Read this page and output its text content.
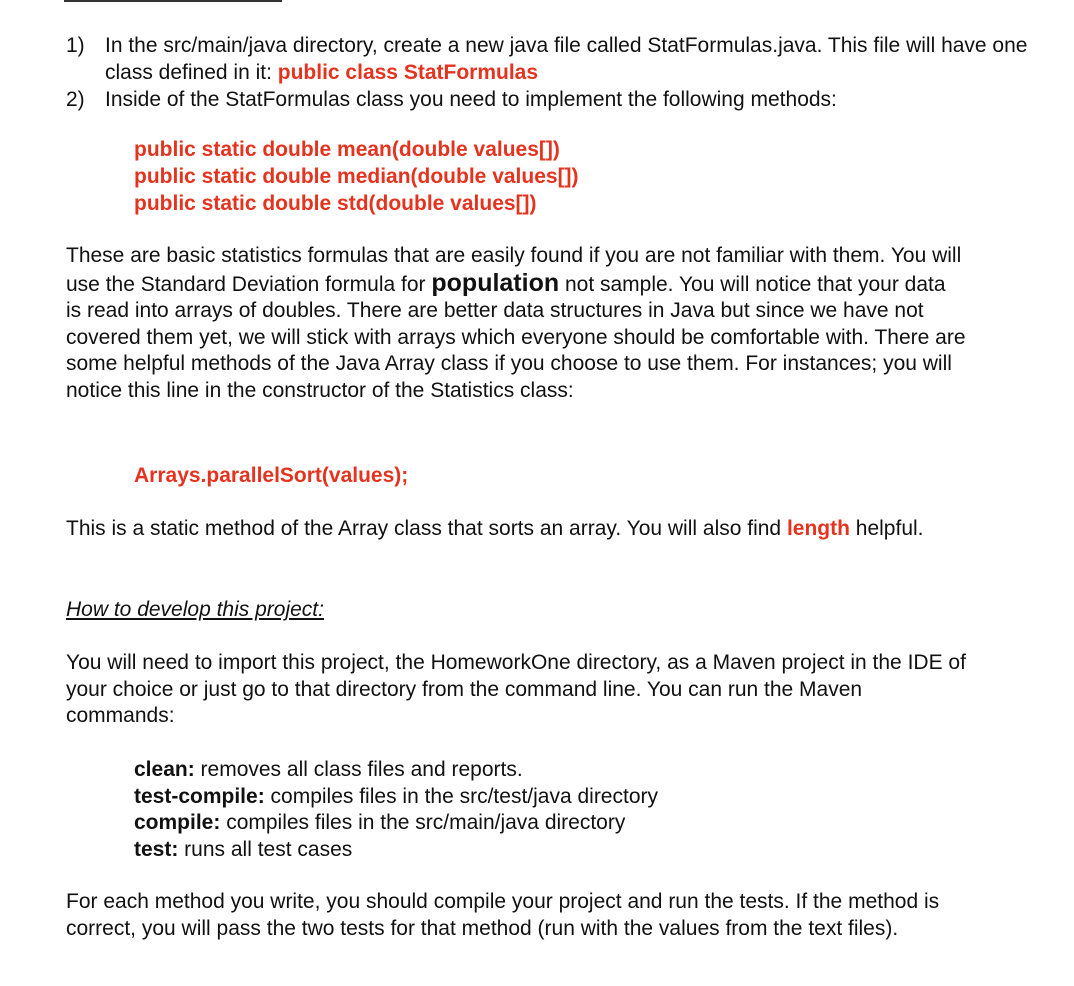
1) In the src/main/java directory, create a new java file called StatFormulas.java. This file will have one class defined in it: public class StatFormulas
2) Inside of the StatFormulas class you need to implement the following methods:
public static double mean(double values[])
public static double median(double values[])
public static double std(double values[])

These are basic statistics formulas that are easily found if you are not familiar with them. You will use the Standard Deviation formula for population not sample. You will notice that your data is read into arrays of doubles. There are better data structures in Java but since we have not covered them yet, we will stick with arrays which everyone should be comfortable with. There are some helpful methods of the Java Array class if you choose to use them. For instances; you will notice this line in the constructor of the Statistics class:

Arrays.parallelSort(values);

This is a static method of the Array class that sorts an array. You will also find length helpful.

How to develop this project:

You will need to import this project, the HomeworkOne directory, as a Maven project in the IDE of your choice or just go to that directory from the command line. You can run the Maven commands:

clean: removes all class files and reports.
test-compile: compiles files in the src/test/java directory
compile: compiles files in the src/main/java directory
test: runs all test cases

For each method you write, you should compile your project and run the tests. If the method is correct, you will pass the two tests for that method (run with the values from the text files).
